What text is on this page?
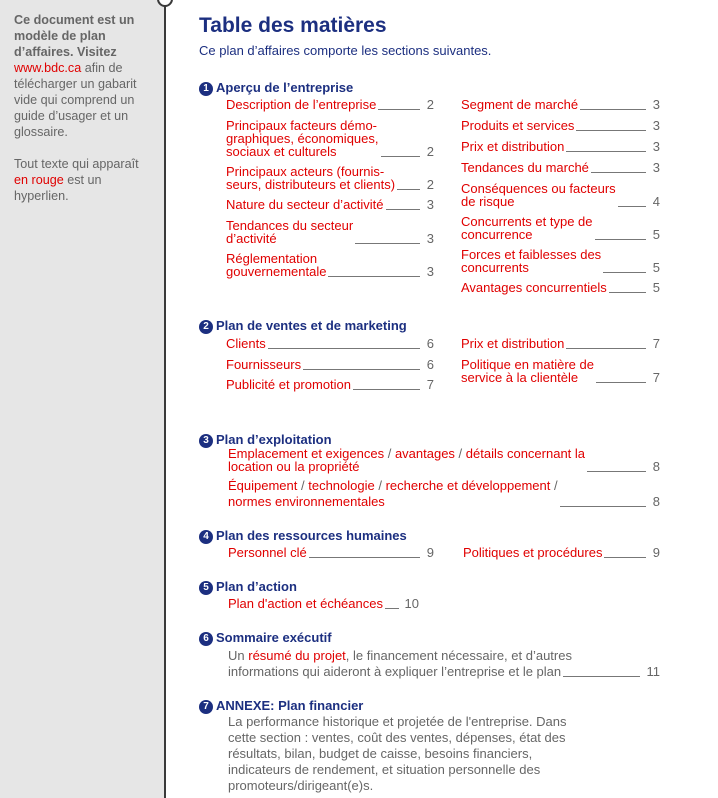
Ce document est un modèle de plan d’affaires. Visitez www.bdc.ca afin de télécharger un gabarit vide qui comprend un guide d’usager et un glossaire.
Tout texte qui apparaît en rouge est un hyperlien.
Table des matières
Ce plan d’affaires comporte les sections suivantes.
1 Aperçu de l’entreprise
Description de l’entreprise	2
Principaux facteurs démo-
graphiques, économiques,
sociaux et culturels	2
Principaux acteurs (fournis-
seurs, distributeurs et clients)	2
Nature du secteur d’activité	3
Tendances du secteur
d’activité	3
Réglementation
gouvernementale	3
Segment de marché	3
Produits et services	3
Prix et distribution	3
Tendances du marché	3
Conséquences ou facteurs
de risque	4
Concurrents et type de
concurrence	5
Forces et faiblesses des
concurrents	5
Avantages concurrentiels	5
2 Plan de ventes et de marketing
Clients	6
Fournisseurs	6
Publicité et promotion	7
Prix et distribution	7
Politique en matière de
service à la clientèle	7
3 Plan d’exploitation
Emplacement et exigences / avantages / détails concernant la
location ou la propriété	8
Équipement / technologie / recherche et développement /
normes environnementales	8
4 Plan des ressources humaines
Personnel clé	9 Politiques et procédures	9
5 Plan d’action
Plan d'action et échéances 10
6 Sommaire exécutif
Un résumé du projet, le financement nécessaire, et d’autres
informations qui aideront à expliquer l’entreprise et le plan	11
7 ANNEXE: Plan financier
La performance historique et projetée de l'entreprise. Dans cette section : ventes, coût des ventes, dépenses, état des résultats, bilan, budget de caisse, besoins financiers, indicateurs de rendement, et situation personnelle des promoteurs/dirigeant(e)s.
